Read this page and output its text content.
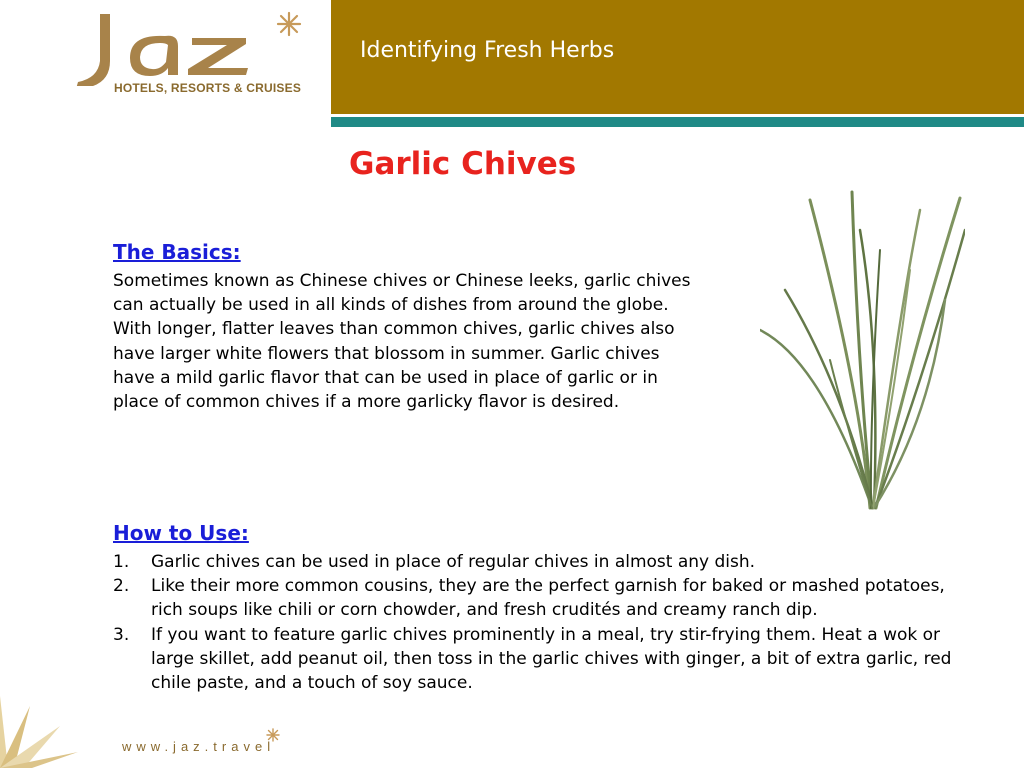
HOTELS, RESORTS & CRUISES
Identifying Fresh Herbs
Garlic Chives
The Basics:
Sometimes known as Chinese chives or Chinese leeks, garlic chives can actually be used in all kinds of dishes from around the globe. With longer, flatter leaves than common chives, garlic chives also have larger white flowers that blossom in summer. Garlic chives have a mild garlic flavor that can be used in place of garlic or in place of common chives if a more garlicky flavor is desired.
How to Use:
1. Garlic chives can be used in place of regular chives in almost any dish.
2. Like their more common cousins, they are the perfect garnish for baked or mashed potatoes, rich soups like chili or corn chowder, and fresh crudités and creamy ranch dip.
3. If you want to feature garlic chives prominently in a meal, try stir-frying them. Heat a wok or large skillet, add peanut oil, then toss in the garlic chives with ginger, a bit of extra garlic, red chile paste, and a touch of soy sauce.
www.jaz.travel
